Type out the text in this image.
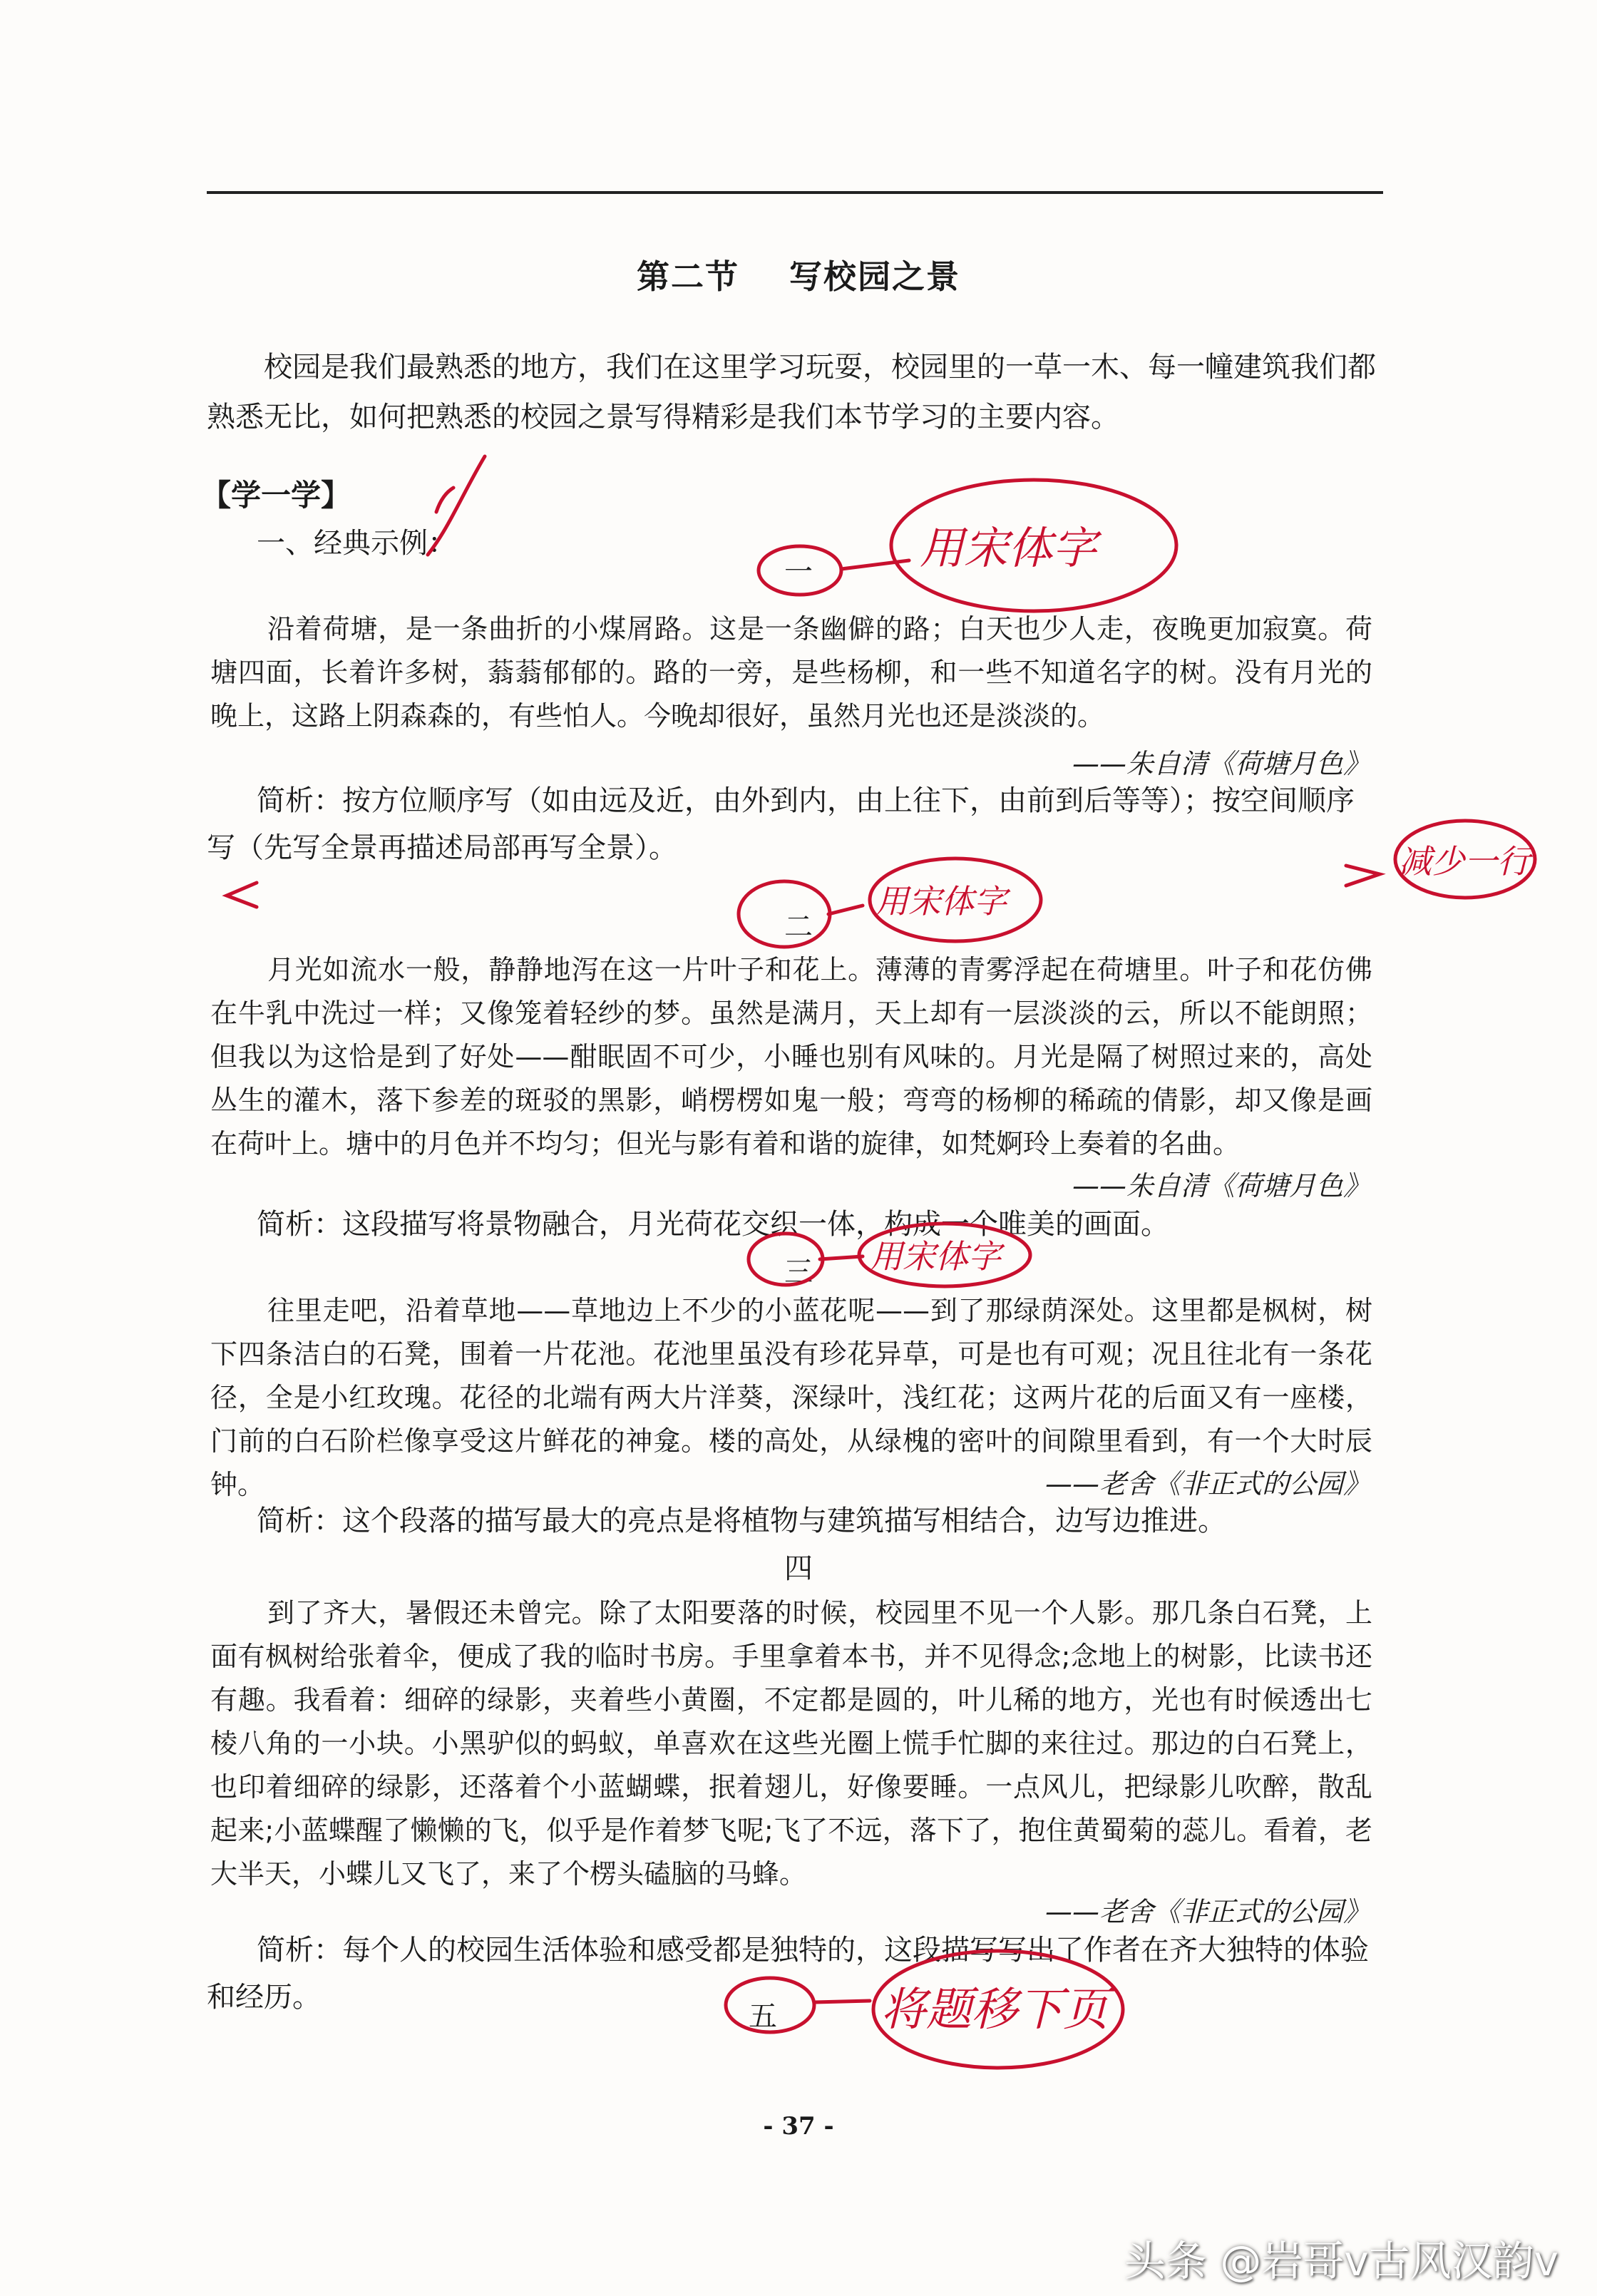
第二节 写校园之景
校园是我们最熟悉的地方，我们在这里学习玩耍，校园里的一草一木、每一幢建筑我们都熟悉无比，如何把熟悉的校园之景写得精彩是我们本节学习的主要内容。
【学一学】
一、经典示例：
一
沿着荷塘，是一条曲折的小煤屑路。这是一条幽僻的路；白天也少人走，夜晚更加寂寞。荷塘四面，长着许多树，蓊蓊郁郁的。路的一旁，是些杨柳，和一些不知道名字的树。没有月光的晚上，这路上阴森森的，有些怕人。今晚却很好，虽然月光也还是淡淡的。
——朱自清《荷塘月色》
简析：按方位顺序写（如由远及近，由外到内，由上往下，由前到后等等）；按空间顺序写（先写全景再描述局部再写全景）。
二
月光如流水一般，静静地泻在这一片叶子和花上。薄薄的青雾浮起在荷塘里。叶子和花仿佛在牛乳中洗过一样；又像笼着轻纱的梦。虽然是满月，天上却有一层淡淡的云，所以不能朗照；但我以为这恰是到了好处——酣眠固不可少，小睡也别有风味的。月光是隔了树照过来的，高处丛生的灌木，落下参差的斑驳的黑影，峭楞楞如鬼一般；弯弯的杨柳的稀疏的倩影，却又像是画在荷叶上。塘中的月色并不均匀；但光与影有着和谐的旋律，如梵婀玲上奏着的名曲。
——朱自清《荷塘月色》
简析：这段描写将景物融合，月光荷花交织一体，构成一个唯美的画面。
三
往里走吧，沿着草地——草地边上不少的小蓝花呢——到了那绿荫深处。这里都是枫树，树下四条洁白的石凳，围着一片花池。花池里虽没有珍花异草，可是也有可观；况且往北有一条花径，全是小红玫瑰。花径的北端有两大片洋葵，深绿叶，浅红花；这两片花的后面又有一座楼，门前的白石阶栏像享受这片鲜花的神龛。楼的高处，从绿槐的密叶的间隙里看到，有一个大时辰钟。	——老舍《非正式的公园》
简析：这个段落的描写最大的亮点是将植物与建筑描写相结合，边写边推进。
四
到了齐大，暑假还未曾完。除了太阳要落的时候，校园里不见一个人影。那几条白石凳，上面有枫树给张着伞，便成了我的临时书房。手里拿着本书，并不见得念;念地上的树影，比读书还有趣。我看着：细碎的绿影，夹着些小黄圈，不定都是圆的，叶儿稀的地方，光也有时候透出七棱八角的一小块。小黑驴似的蚂蚁，单喜欢在这些光圈上慌手忙脚的来往过。那边的白石凳上，也印着细碎的绿影，还落着个小蓝蝴蝶，抿着翅儿，好像要睡。一点风儿，把绿影儿吹醉，散乱起来;小蓝蝶醒了懒懒的飞，似乎是作着梦飞呢;飞了不远，落下了，抱住黄蜀菊的蕊儿。看着，老大半天，小蝶儿又飞了，来了个楞头磕脑的马蜂。
——老舍《非正式的公园》
简析：每个人的校园生活体验和感受都是独特的，这段描写写出了作者在齐大独特的体验和经历。
五
- 37 -
用宋体字
用宋体字
用宋体字
减少一行
将题移下页
头条 @岩哥v古风汉韵v
